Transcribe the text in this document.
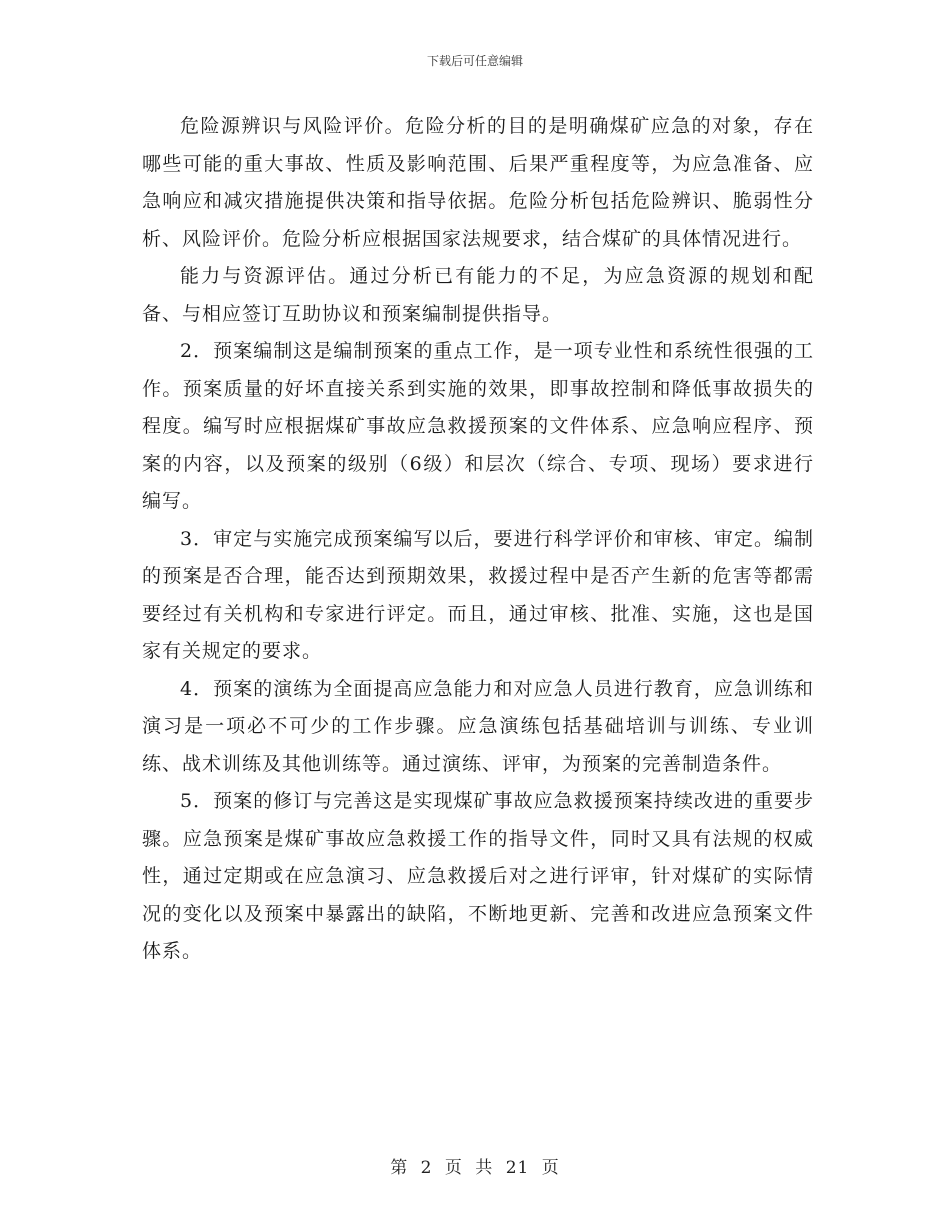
下载后可任意编辑

危险源辨识与风险评价。危险分析的目的是明确煤矿应急的对象，存在哪些可能的重大事故、性质及影响范围、后果严重程度等，为应急准备、应急响应和减灾措施提供决策和指导依据。危险分析包括危险辨识、脆弱性分析、风险评价。危险分析应根据国家法规要求，结合煤矿的具体情况进行。

能力与资源评估。通过分析已有能力的不足，为应急资源的规划和配备、与相应签订互助协议和预案编制提供指导。

2．预案编制这是编制预案的重点工作，是一项专业性和系统性很强的工作。预案质量的好坏直接关系到实施的效果，即事故控制和降低事故损失的程度。编写时应根据煤矿事故应急救援预案的文件体系、应急响应程序、预案的内容，以及预案的级别（6级）和层次（综合、专项、现场）要求进行编写。

3．审定与实施完成预案编写以后，要进行科学评价和审核、审定。编制的预案是否合理，能否达到预期效果，救援过程中是否产生新的危害等都需要经过有关机构和专家进行评定。而且，通过审核、批准、实施，这也是国家有关规定的要求。

4．预案的演练为全面提高应急能力和对应急人员进行教育，应急训练和演习是一项必不可少的工作步骤。应急演练包括基础培训与训练、专业训练、战术训练及其他训练等。通过演练、评审，为预案的完善制造条件。

5．预案的修订与完善这是实现煤矿事故应急救援预案持续改进的重要步骤。应急预案是煤矿事故应急救援工作的指导文件，同时又具有法规的权威性，通过定期或在应急演习、应急救援后对之进行评审，针对煤矿的实际情况的变化以及预案中暴露出的缺陷，不断地更新、完善和改进应急预案文件体系。

第 2 页 共 21 页
